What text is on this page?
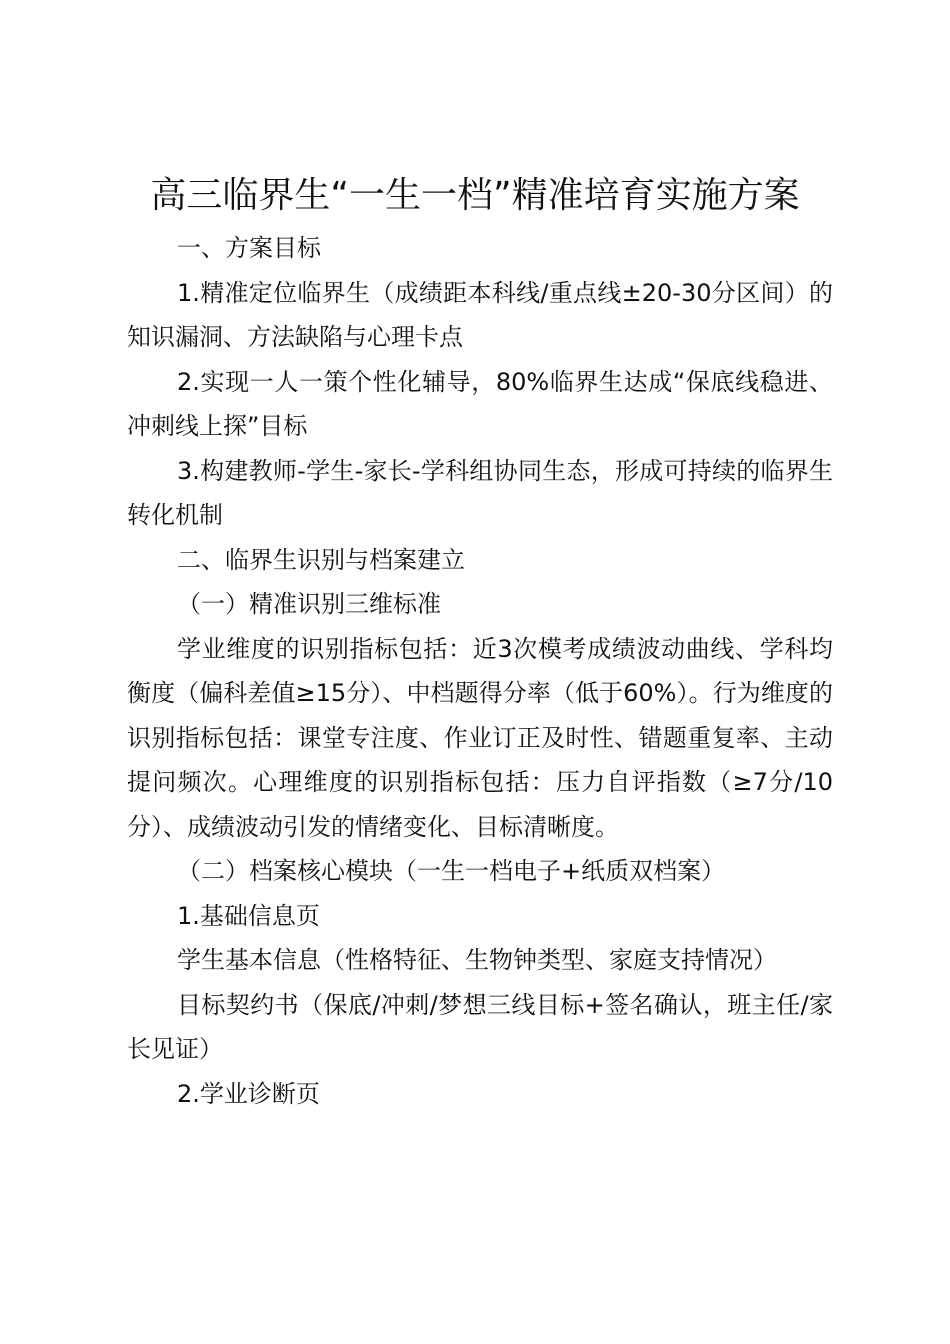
高三临界生“一生一档”精准培育实施方案

一、方案目标

1.精准定位临界生（成绩距本科线/重点线±20-30分区间）的知识漏洞、方法缺陷与心理卡点

2.实现一人一策个性化辅导，80%临界生达成“保底线稳进、冲刺线上探”目标

3.构建教师-学生-家长-学科组协同生态，形成可持续的临界生转化机制

二、临界生识别与档案建立

（一）精准识别三维标准

学业维度的识别指标包括：近3次模考成绩波动曲线、学科均衡度（偏科差值≥15分）、中档题得分率（低于60%）。行为维度的识别指标包括：课堂专注度、作业订正及时性、错题重复率、主动提问频次。心理维度的识别指标包括：压力自评指数（≥7分/10分）、成绩波动引发的情绪变化、目标清晰度。

（二）档案核心模块（一生一档电子+纸质双档案）

1.基础信息页

学生基本信息（性格特征、生物钟类型、家庭支持情况）

目标契约书（保底/冲刺/梦想三线目标+签名确认，班主任/家长见证）

2.学业诊断页
